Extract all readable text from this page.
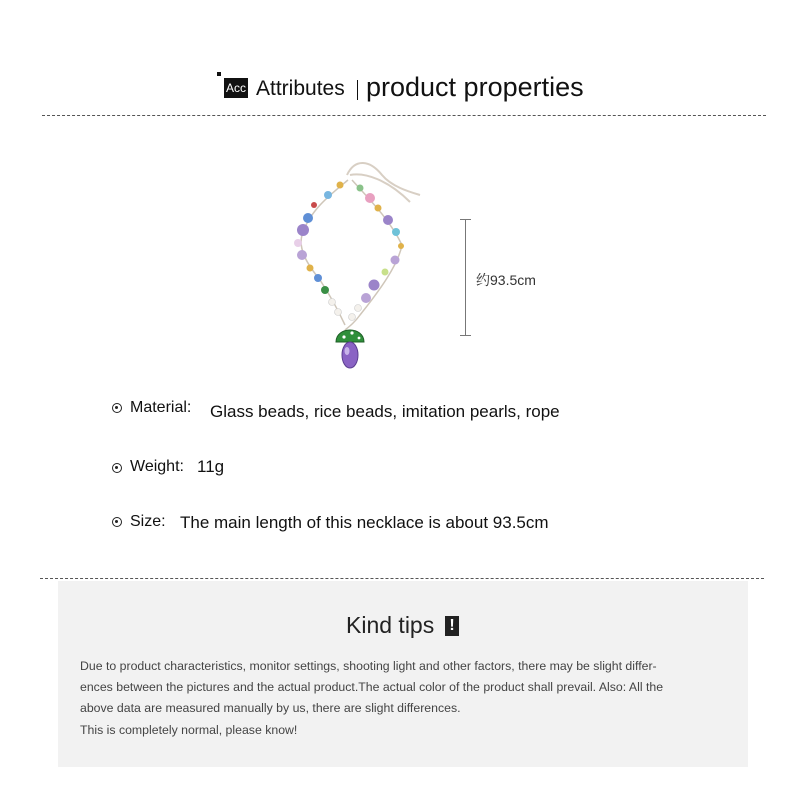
Acc Attributes product properties
约93.5cm
Material: Glass beads, rice beads, imitation pearls, rope
Weight: 11g
Size: The main length of this necklace is about 93.5cm
Kind tips !
Due to product characteristics, monitor settings, shooting light and other factors, there may be slight differ-
ences between the pictures and the actual product.The actual color of the product shall prevail. Also: All the
above data are measured manually by us, there are slight differences.
This is completely normal, please know!
